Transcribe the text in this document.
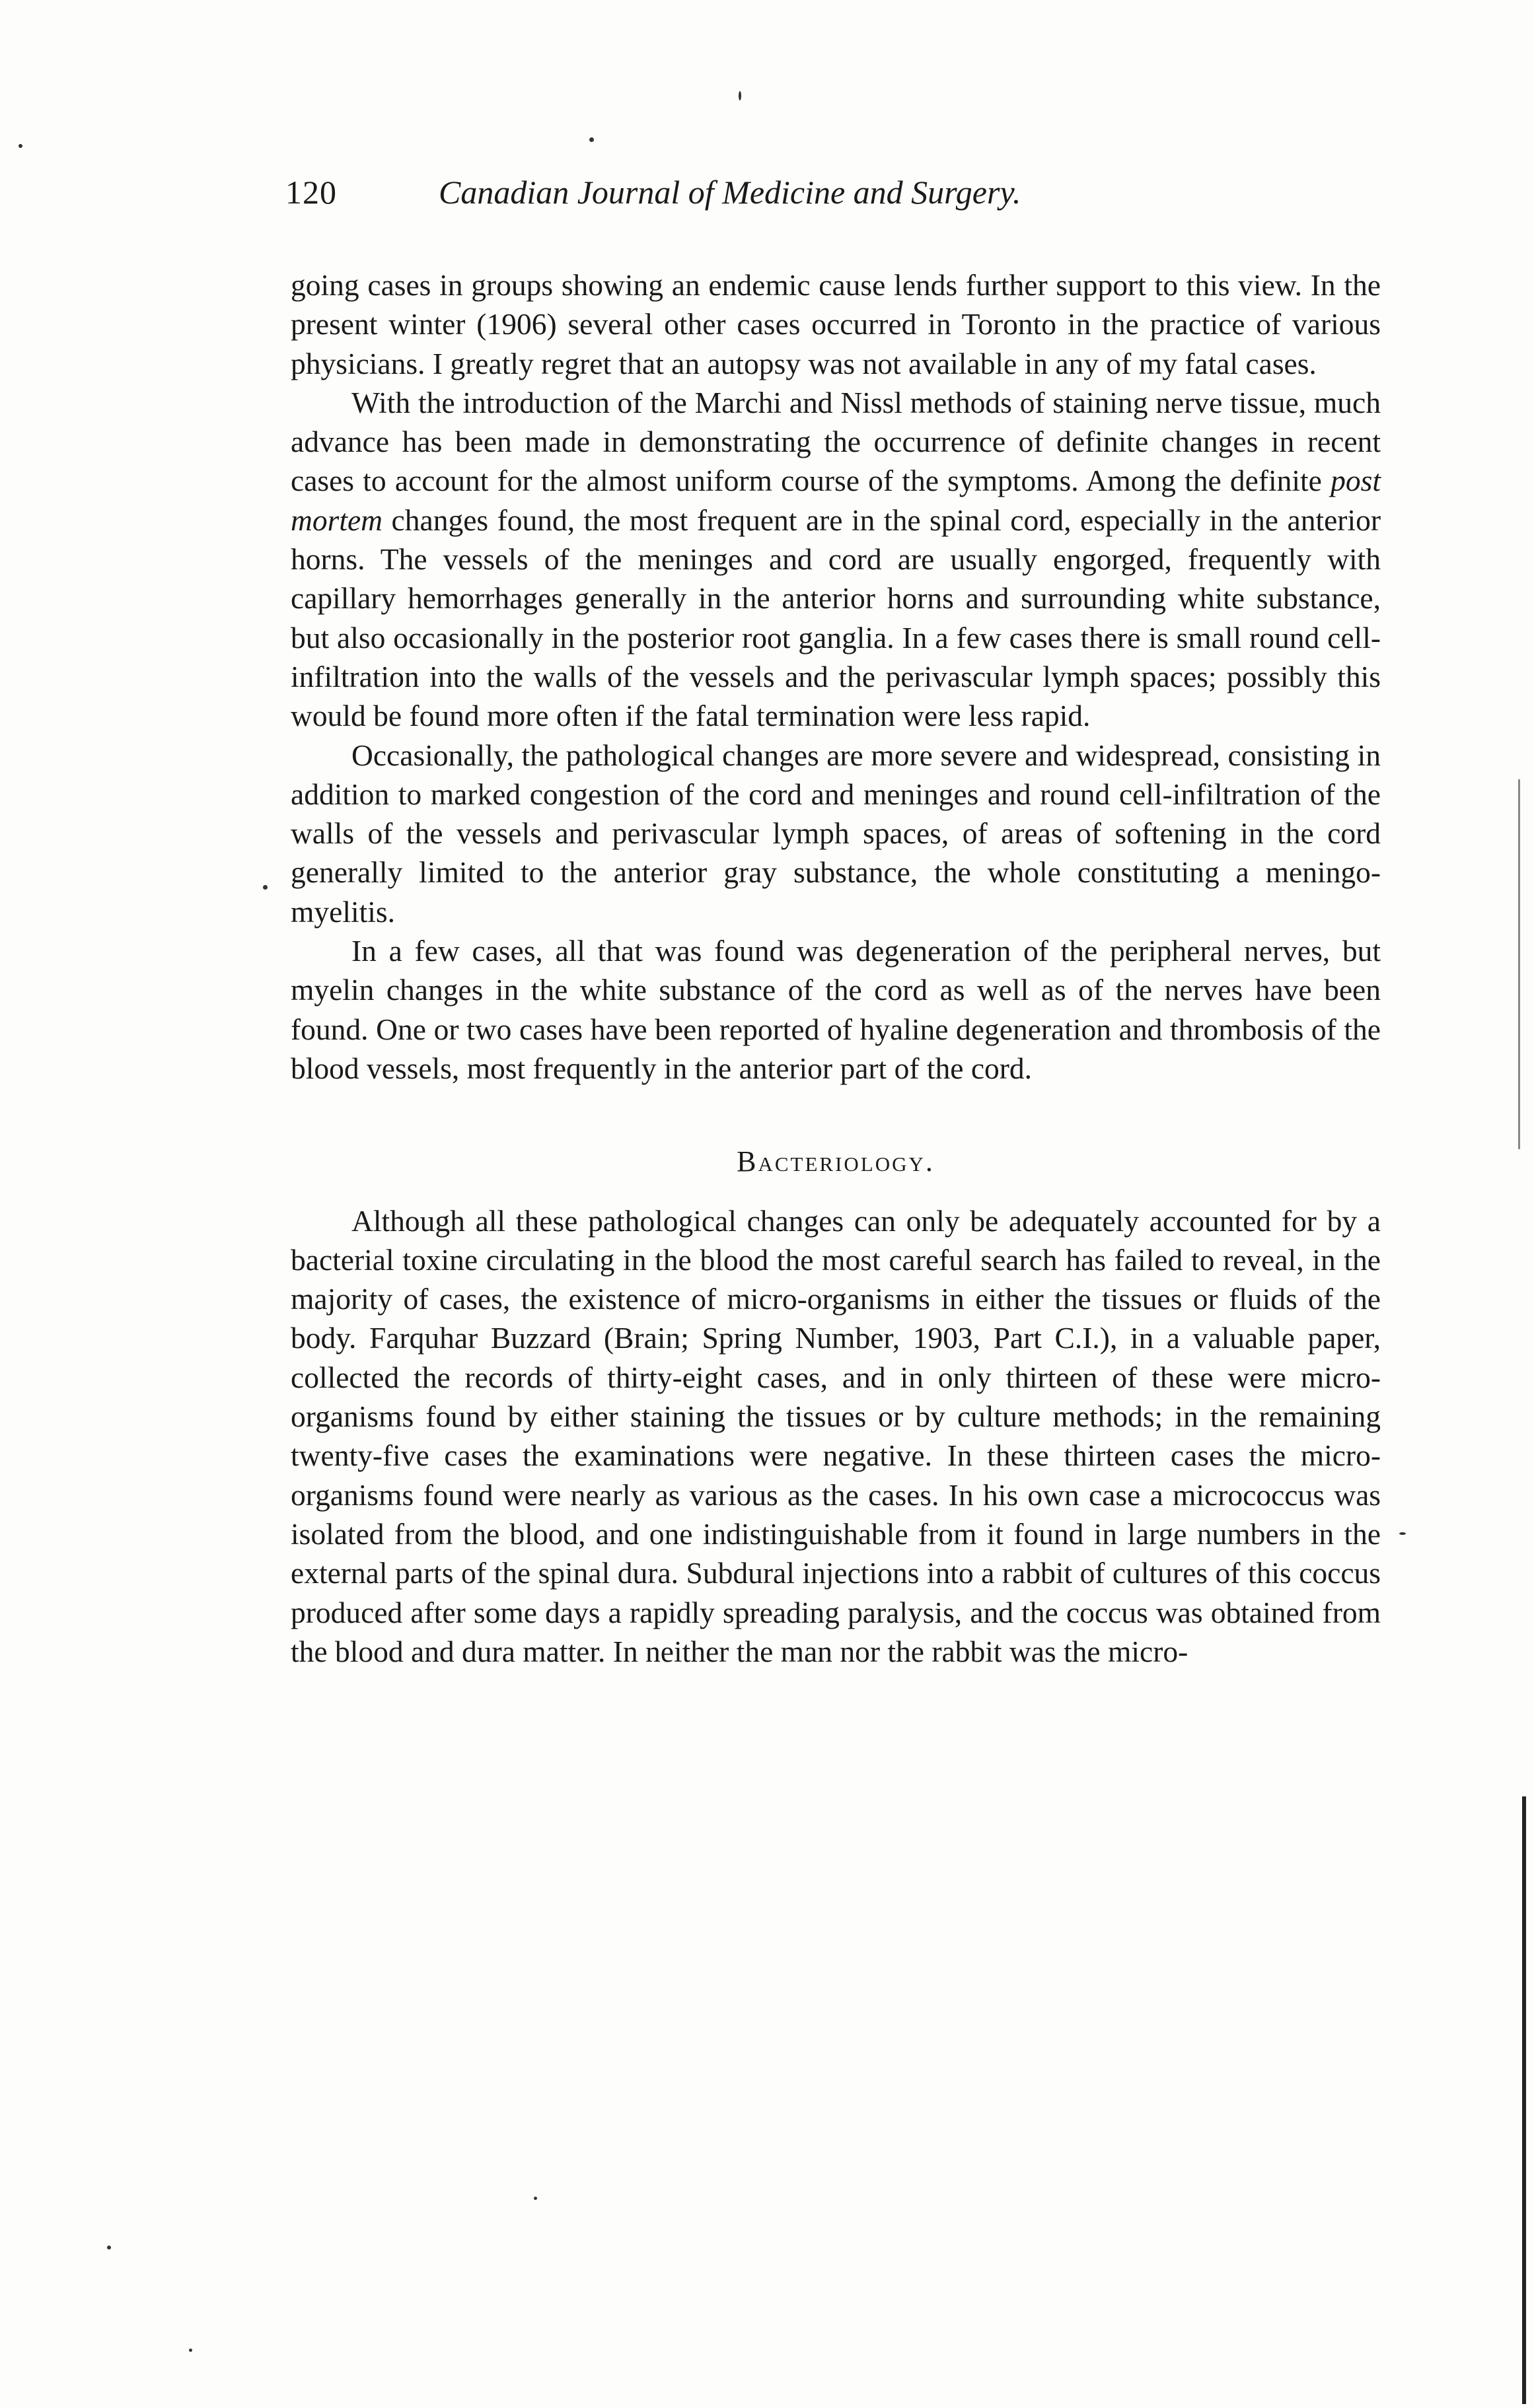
120	Canadian Journal of Medicine and Surgery.

going cases in groups showing an endemic cause lends further support to this view. In the present winter (1906) several other cases occurred in Toronto in the practice of various physicians. I greatly regret that an autopsy was not available in any of my fatal cases.

With the introduction of the Marchi and Nissl methods of staining nerve tissue, much advance has been made in demonstrating the occurrence of definite changes in recent cases to account for the almost uniform course of the symptoms. Among the definite post mortem changes found, the most frequent are in the spinal cord, especially in the anterior horns. The vessels of the meninges and cord are usually engorged, frequently with capillary hemorrhages generally in the anterior horns and surrounding white substance, but also occasionally in the posterior root ganglia. In a few cases there is small round cell-infiltration into the walls of the vessels and the perivascular lymph spaces; possibly this would be found more often if the fatal termination were less rapid.

Occasionally, the pathological changes are more severe and widespread, consisting in addition to marked congestion of the cord and meninges and round cell-infiltration of the walls of the vessels and perivascular lymph spaces, of areas of softening in the cord generally limited to the anterior gray substance, the whole constituting a meningo-myelitis.

In a few cases, all that was found was degeneration of the peripheral nerves, but myelin changes in the white substance of the cord as well as of the nerves have been found. One or two cases have been reported of hyaline degeneration and thrombosis of the blood vessels, most frequently in the anterior part of the cord.

Bacteriology.

Although all these pathological changes can only be adequately accounted for by a bacterial toxine circulating in the blood the most careful search has failed to reveal, in the majority of cases, the existence of micro-organisms in either the tissues or fluids of the body. Farquhar Buzzard (Brain; Spring Number, 1903, Part C.I.), in a valuable paper, collected the records of thirty-eight cases, and in only thirteen of these were micro-organisms found by either staining the tissues or by culture methods; in the remaining twenty-five cases the examinations were negative. In these thirteen cases the micro-organisms found were nearly as various as the cases. In his own case a micrococcus was isolated from the blood, and one indistinguishable from it found in large numbers in the external parts of the spinal dura. Subdural injections into a rabbit of cultures of this coccus produced after some days a rapidly spreading paralysis, and the coccus was obtained from the blood and dura matter. In neither the man nor the rabbit was the micro-
